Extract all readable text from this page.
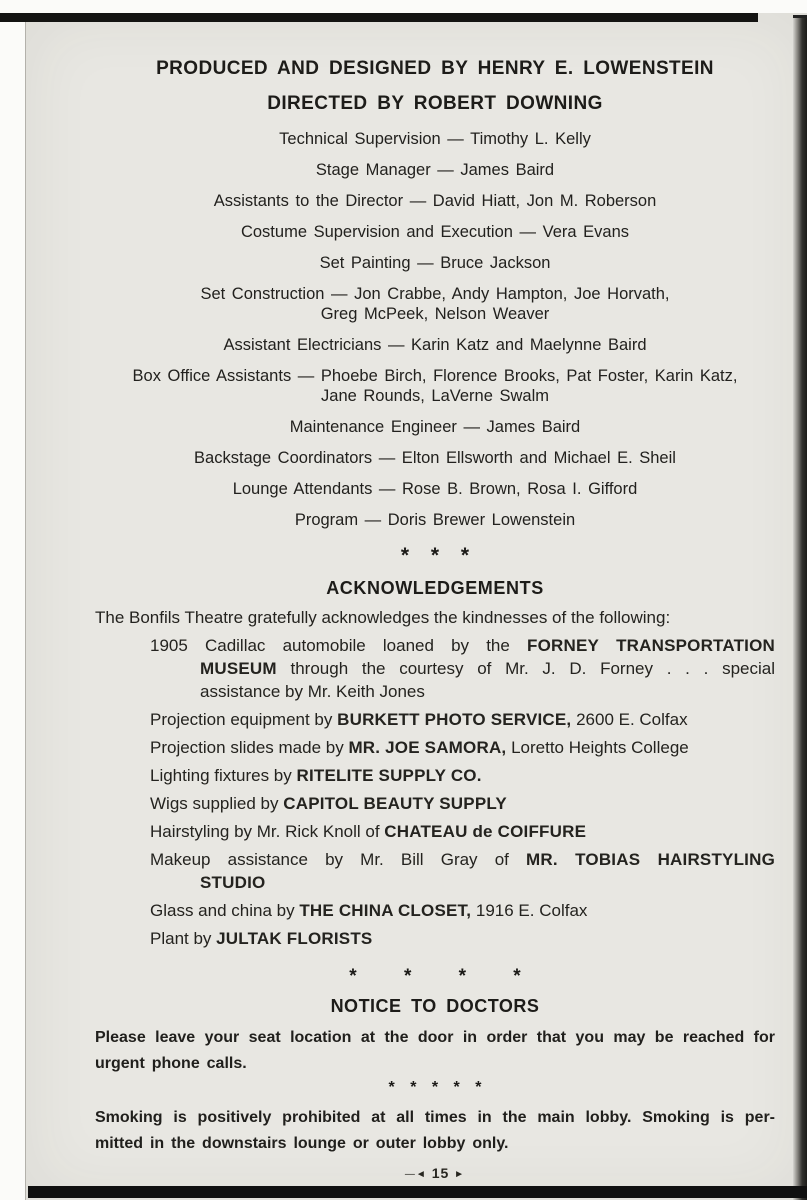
PRODUCED AND DESIGNED BY HENRY E. LOWENSTEIN
DIRECTED BY ROBERT DOWNING
Technical Supervision — Timothy L. Kelly
Stage Manager — James Baird
Assistants to the Director — David Hiatt, Jon M. Roberson
Costume Supervision and Execution — Vera Evans
Set Painting — Bruce Jackson
Set Construction — Jon Crabbe, Andy Hampton, Joe Horvath,
Greg McPeek, Nelson Weaver
Assistant Electricians — Karin Katz and Maelynne Baird
Box Office Assistants — Phoebe Birch, Florence Brooks, Pat Foster, Karin Katz,
Jane Rounds, LaVerne Swalm
Maintenance Engineer — James Baird
Backstage Coordinators — Elton Ellsworth and Michael E. Sheil
Lounge Attendants — Rose B. Brown, Rosa I. Gifford
Program — Doris Brewer Lowenstein
* * *
ACKNOWLEDGEMENTS
The Bonfils Theatre gratefully acknowledges the kindnesses of the following:
1905 Cadillac automobile loaned by the FORNEY TRANSPORTATION
MUSEUM through the courtesy of Mr. J. D. Forney . . . special
assistance by Mr. Keith Jones
Projection equipment by BURKETT PHOTO SERVICE, 2600 E. Colfax
Projection slides made by MR. JOE SAMORA, Loretto Heights College
Lighting fixtures by RITELITE SUPPLY CO.
Wigs supplied by CAPITOL BEAUTY SUPPLY
Hairstyling by Mr. Rick Knoll of CHATEAU de COIFFURE
Makeup assistance by Mr. Bill Gray of MR. TOBIAS HAIRSTYLING
STUDIO
Glass and china by THE CHINA CLOSET, 1916 E. Colfax
Plant by JULTAK FLORISTS
* * * *
NOTICE TO DOCTORS
Please leave your seat location at the door in order that you may be reached for
urgent phone calls.
* * * * *
Smoking is positively prohibited at all times in the main lobby. Smoking is per-
mitted in the downstairs lounge or outer lobby only.
—◄ 15 ►
